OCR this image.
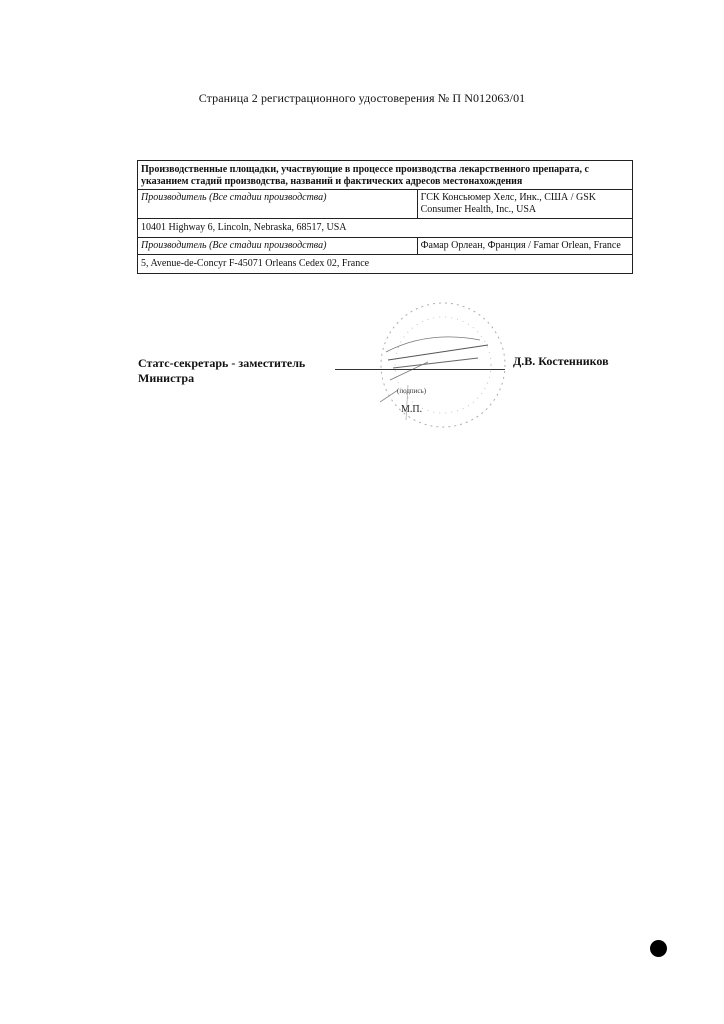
Страница 2 регистрационного удостоверения № П N012063/01
Производственные площадки, участвующие в процессе производства лекарственного препарата, с указанием стадий производства, названий и фактических адресов местонахождения	
Производитель (Все стадии производства)	ГСК Консьюмер Хелс, Инк., США / GSK Consumer Health, Inc., USA
10401 Highway 6, Lincoln, Nebraska, 68517, USA	
Производитель (Все стадии производства)	Фамар Орлеан, Франция / Famar Orlean, France
5, Avenue-de-Concyr F-45071 Orleans Cedex 02, France	
Статс-секретарь - заместитель
Министра
(подпись)
М.П.
Д.В. Костенников
